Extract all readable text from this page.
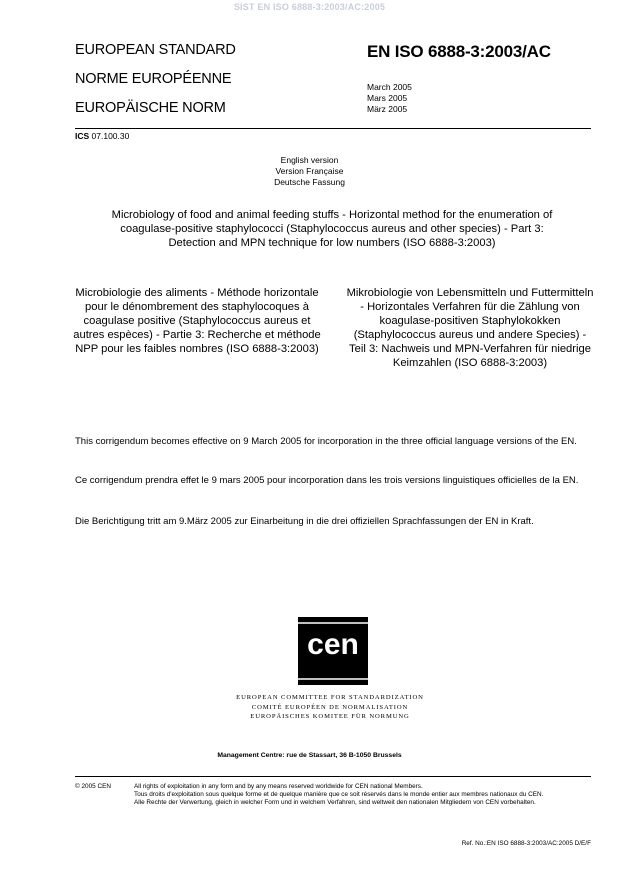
SIST EN ISO 6888-3:2003/AC:2005
EUROPEAN STANDARD
NORME EUROPÉENNE
EUROPÄISCHE NORM
EN ISO 6888-3:2003/AC
March 2005
Mars 2005
März 2005
ICS 07.100.30
English version
Version Française
Deutsche Fassung
Microbiology of food and animal feeding stuffs - Horizontal method for the enumeration of coagulase-positive staphylococci (Staphylococcus aureus and other species) - Part 3: Detection and MPN technique for low numbers (ISO 6888-3:2003)
Microbiologie des aliments - Méthode horizontale pour le dénombrement des staphylocoques à coagulase positive (Staphylococcus aureus et autres espèces) - Partie 3: Recherche et méthode NPP pour les faibles nombres (ISO 6888-3:2003)
Mikrobiologie von Lebensmitteln und Futtermitteln - Horizontales Verfahren für die Zählung von koagulase-positiven Staphylokokken (Staphylococcus aureus und andere Species) - Teil 3: Nachweis und MPN-Verfahren für niedrige Keimzahlen (ISO 6888-3:2003)
This corrigendum becomes effective on 9 March 2005 for incorporation in the three official language versions of the EN.
Ce corrigendum prendra effet le 9 mars 2005 pour incorporation dans les trois versions linguistiques officielles de la EN.
Die Berichtigung tritt am 9.März 2005 zur Einarbeitung in die drei offiziellen Sprachfassungen der EN in Kraft.
cen
EUROPEAN COMMITTEE FOR STANDARDIZATION
COMITÉ EUROPÉEN DE NORMALISATION
EUROPÄISCHES KOMITEE FÜR NORMUNG
Management Centre: rue de Stassart, 36 B-1050 Brussels
© 2005 CEN	All rights of exploitation in any form and by any means reserved worldwide for CEN national Members.
Tous droits d'exploitation sous quelque forme et de quelque manière que ce soit réservés dans le monde entier aux membres nationaux du CEN.
Alle Rechte der Verwertung, gleich in welcher Form und in welchem Verfahren, sind weltweit den nationalen Mitgliedern von CEN vorbehalten.
Ref. No.:EN ISO 6888-3:2003/AC:2005 D/E/F
